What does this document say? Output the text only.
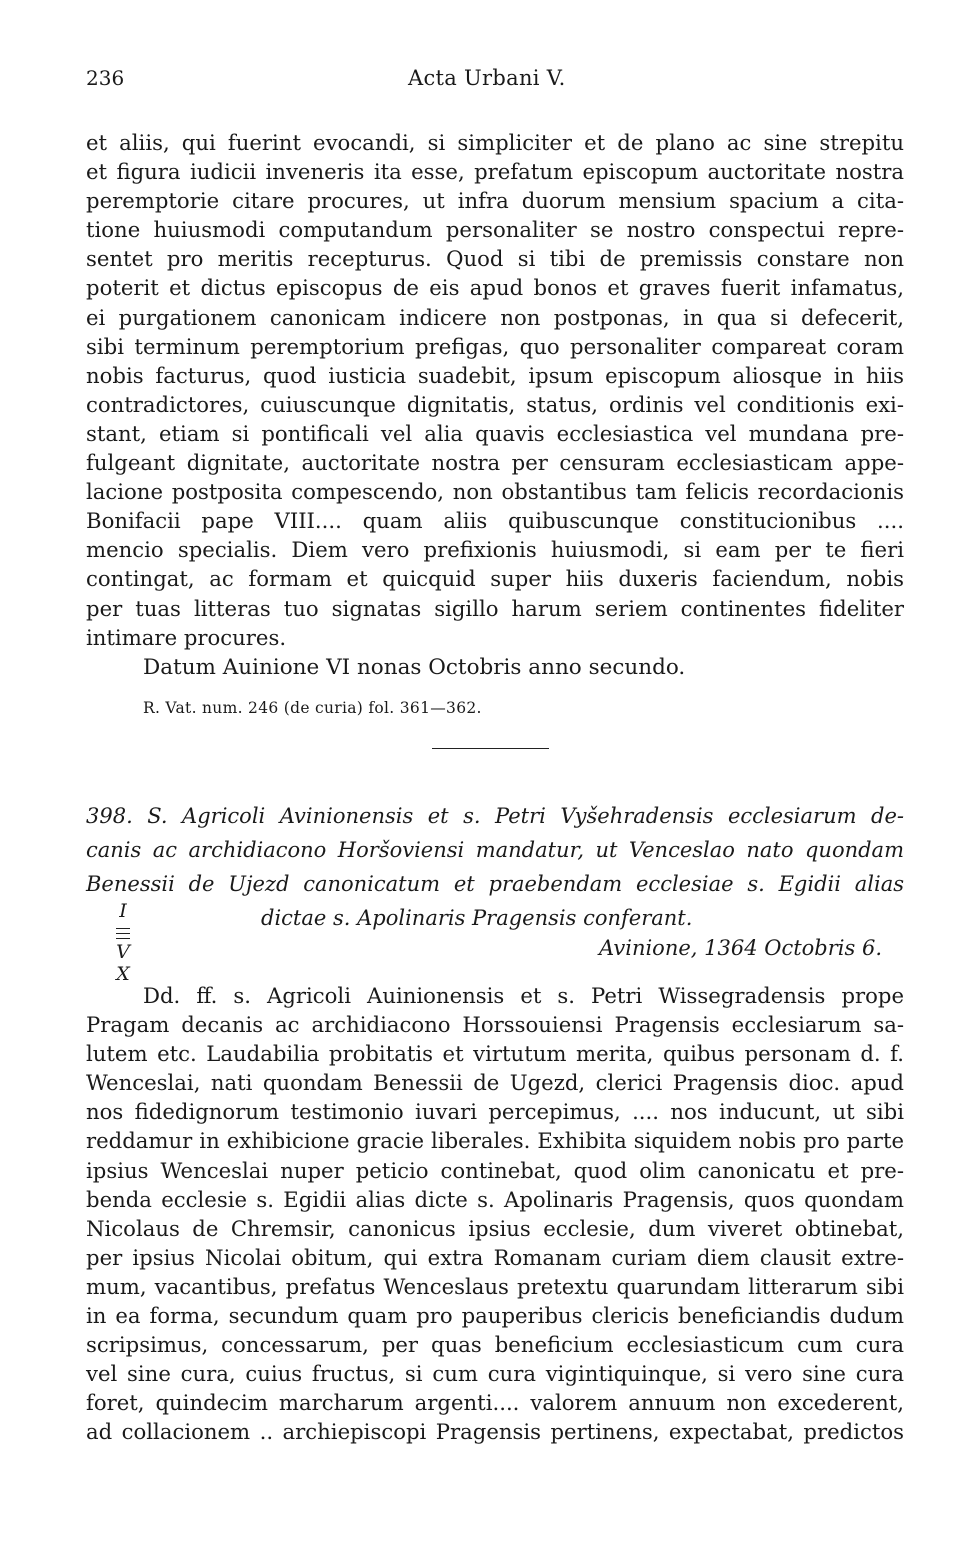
236	Acta Urbani V.
et aliis, qui fuerint evocandi, si simpliciter et de plano ac sine strepitu
et figura iudicii inveneris ita esse, prefatum episcopum auctoritate nostra
peremptorie citare procures, ut infra duorum mensium spacium a cita-
tione huiusmodi computandum personaliter se nostro conspectui repre-
sentet pro meritis recepturus. Quod si tibi de premissis constare non
poterit et dictus episcopus de eis apud bonos et graves fuerit infamatus,
ei purgationem canonicam indicere non postponas, in qua si defecerit,
sibi terminum peremptorium prefigas, quo personaliter compareat coram
nobis facturus, quod iusticia suadebit, ipsum episcopum aliosque in hiis
contradictores, cuiuscunque dignitatis, status, ordinis vel conditionis exi-
stant, etiam si pontificali vel alia quavis ecclesiastica vel mundana pre-
fulgeant dignitate, auctoritate nostra per censuram ecclesiasticam appe-
lacione postposita compescendo, non obstantibus tam felicis recordacionis
Bonifacii pape VIII.... quam aliis quibuscunque constitucionibus ....
mencio specialis. Diem vero prefixionis huiusmodi, si eam per te fieri
contingat, ac formam et quicquid super hiis duxeris faciendum, nobis
per tuas litteras tuo signatas sigillo harum seriem continentes fideliter
intimare procures.
Datum Auinione VI nonas Octobris anno secundo.
R. Vat. num. 246 (de curia) fol. 361—362.
398. S. Agricoli Avinionensis et s. Petri Vyšehradensis ecclesiarum de-
canis ac archidiacono Horšoviensi mandatur, ut Venceslao nato quondam
Benessii de Ujezd canonicatum et praebendam ecclesiae s. Egidii alias
dictae s. Apolinaris Pragensis conferant.
I
V
X
Avinione, 1364 Octobris 6.
Dd. ff. s. Agricoli Auinionensis et s. Petri Wissegradensis prope
Pragam decanis ac archidiacono Horssouiensi Pragensis ecclesiarum sa-
lutem etc. Laudabilia probitatis et virtutum merita, quibus personam d. f.
Wenceslai, nati quondam Benessii de Ugezd, clerici Pragensis dioc. apud
nos fidedignorum testimonio iuvari percepimus, .... nos inducunt, ut sibi
reddamur in exhibicione gracie liberales. Exhibita siquidem nobis pro parte
ipsius Wenceslai nuper peticio continebat, quod olim canonicatu et pre-
benda ecclesie s. Egidii alias dicte s. Apolinaris Pragensis, quos quondam
Nicolaus de Chremsir, canonicus ipsius ecclesie, dum viveret obtinebat,
per ipsius Nicolai obitum, qui extra Romanam curiam diem clausit extre-
mum, vacantibus, prefatus Wenceslaus pretextu quarundam litterarum sibi
in ea forma, secundum quam pro pauperibus clericis beneficiandis dudum
scripsimus, concessarum, per quas beneficium ecclesiasticum cum cura
vel sine cura, cuius fructus, si cum cura vigintiquinque, si vero sine cura
foret, quindecim marcharum argenti.... valorem annuum non excederent,
ad collacionem .. archiepiscopi Pragensis pertinens, expectabat, predictos
